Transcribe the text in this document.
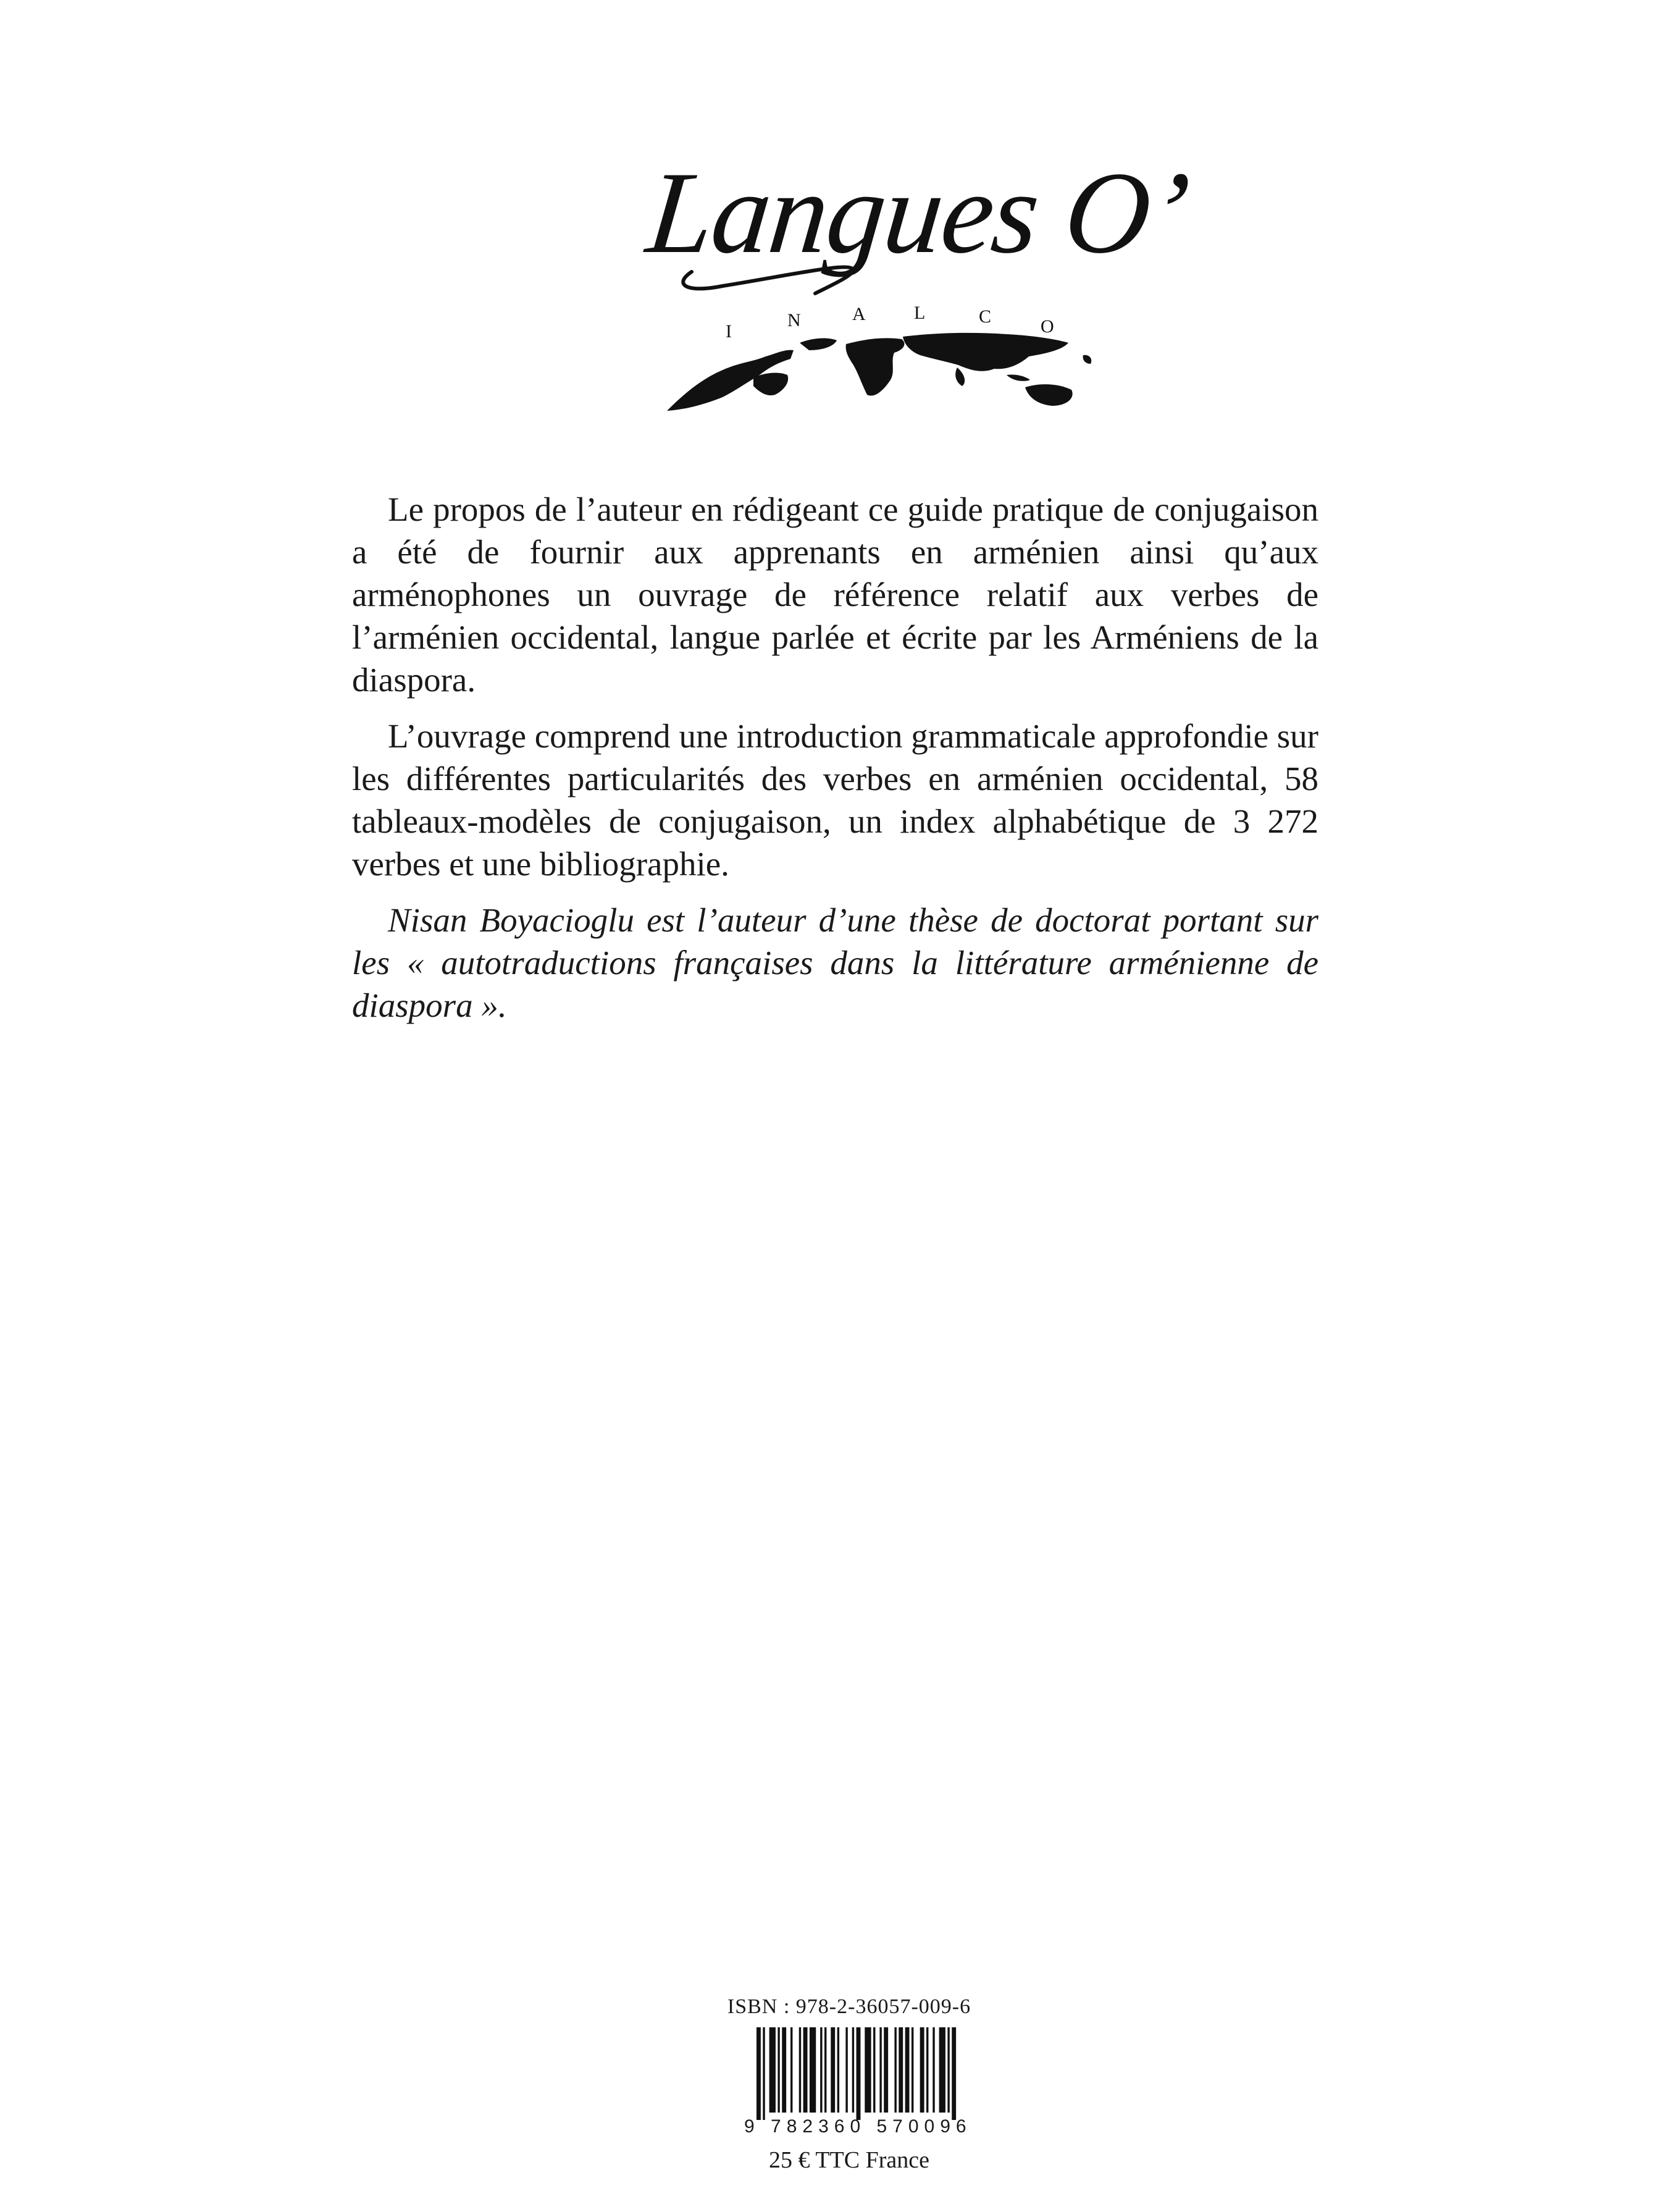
Langues O’
I
N	A	L	C	O

Le propos de l’auteur en rédigeant ce guide pratique de conjugaison a été de fournir aux apprenants en arménien ainsi qu’aux arménophones un ouvrage de référence relatif aux verbes de l’arménien occidental, langue parlée et écrite par les Arméniens de la diaspora.

L’ouvrage comprend une introduction grammaticale approfondie sur les différentes particularités des verbes en arménien occidental, 58 tableaux-modèles de conjugaison, un index alphabétique de 3 272 verbes et une bibliographie.

Nisan Boyacioglu est l’auteur d’une thèse de doctorat portant sur les « autotraductions françaises dans la littérature arménienne de diaspora ».

ISBN : 978-2-36057-009-6
9 782360 570096
25 € TTC France
